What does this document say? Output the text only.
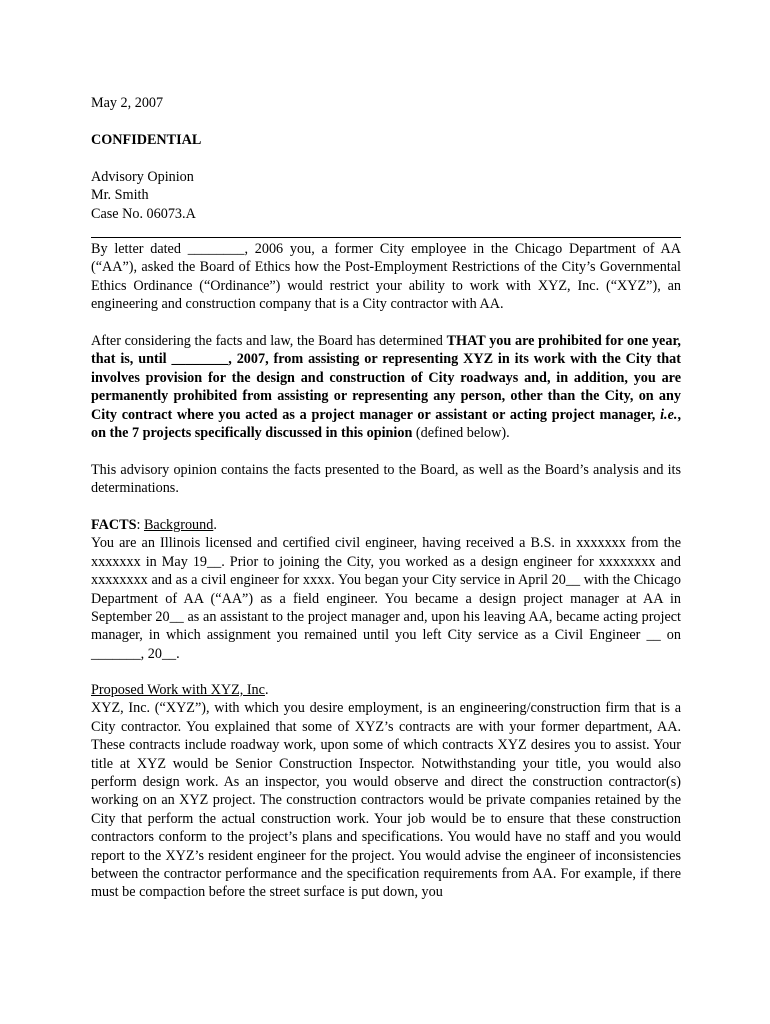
May 2, 2007
CONFIDENTIAL
Advisory Opinion
Mr. Smith
Case No. 06073.A

By letter dated ________, 2006 you, a former City employee in the Chicago Department of AA (“AA”), asked the Board of Ethics how the Post-Employment Restrictions of the City’s Governmental Ethics Ordinance (“Ordinance”) would restrict your ability to work with XYZ, Inc. (“XYZ”), an engineering and construction company that is a City contractor with AA.

After considering the facts and law, the Board has determined THAT you are prohibited for one year, that is, until ________, 2007, from assisting or representing XYZ in its work with the City that involves provision for the design and construction of City roadways and, in addition, you are permanently prohibited from assisting or representing any person, other than the City, on any City contract where you acted as a project manager or assistant or acting project manager, i.e., on the 7 projects specifically discussed in this opinion (defined below).

This advisory opinion contains the facts presented to the Board, as well as the Board’s analysis and its determinations.

FACTS: Background.

You are an Illinois licensed and certified civil engineer, having received a B.S. in xxxxxxx from the xxxxxxx in May 19__. Prior to joining the City, you worked as a design engineer for xxxxxxxx and xxxxxxxx and as a civil engineer for xxxx. You began your City service in April 20__ with the Chicago Department of AA (“AA”) as a field engineer. You became a design project manager at AA in September 20__ as an assistant to the project manager and, upon his leaving AA, became acting project manager, in which assignment you remained until you left City service as a Civil Engineer __ on _______, 20__.

Proposed Work with XYZ, Inc.

XYZ, Inc. (“XYZ”), with which you desire employment, is an engineering/construction firm that is a City contractor. You explained that some of XYZ’s contracts are with your former department, AA. These contracts include roadway work, upon some of which contracts XYZ desires you to assist. Your title at XYZ would be Senior Construction Inspector. Notwithstanding your title, you would also perform design work. As an inspector, you would observe and direct the construction contractor(s) working on an XYZ project. The construction contractors would be private companies retained by the City that perform the actual construction work. Your job would be to ensure that these construction contractors conform to the project’s plans and specifications. You would have no staff and you would report to the XYZ’s resident engineer for the project. You would advise the engineer of inconsistencies between the contractor performance and the specification requirements from AA. For example, if there must be compaction before the street surface is put down, you
